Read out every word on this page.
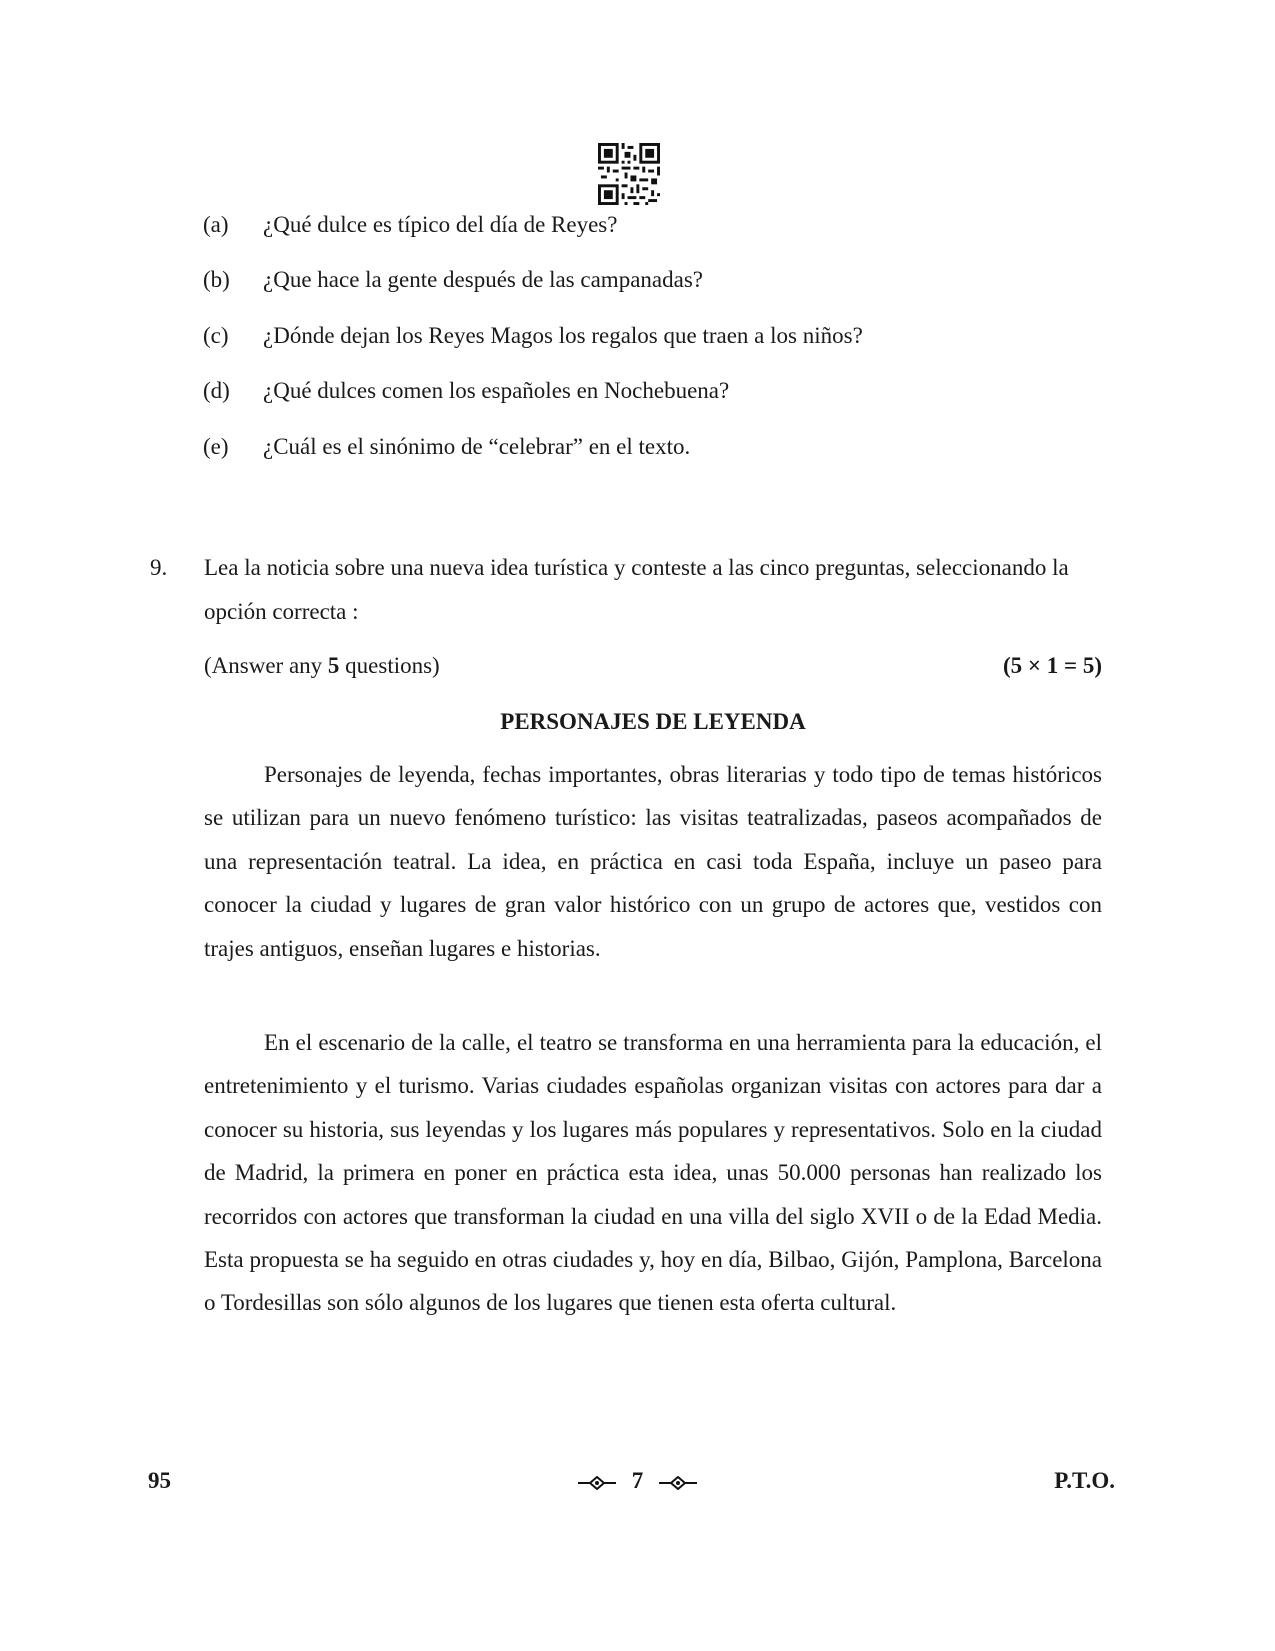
(a) ¿Qué dulce es típico del día de Reyes?
(b) ¿Que hace la gente después de las campanadas?
(c) ¿Dónde dejan los Reyes Magos los regalos que traen a los niños?
(d) ¿Qué dulces comen los españoles en Nochebuena?
(e) ¿Cuál es el sinónimo de “celebrar” en el texto.
9. Lea la noticia sobre una nueva idea turística y conteste a las cinco preguntas, seleccionando la opción correcta :
(Answer any 5 questions)	(5 × 1 = 5)
PERSONAJES DE LEYENDA

Personajes de leyenda, fechas importantes, obras literarias y todo tipo de temas históricos se utilizan para un nuevo fenómeno turístico: las visitas teatralizadas, paseos acompañados de una representación teatral. La idea, en práctica en casi toda España, incluye un paseo para conocer la ciudad y lugares de gran valor histórico con un grupo de actores que, vestidos con trajes antiguos, enseñan lugares e historias.

En el escenario de la calle, el teatro se transforma en una herramienta para la educación, el entretenimiento y el turismo. Varias ciudades españolas organizan visitas con actores para dar a conocer su historia, sus leyendas y los lugares más populares y representativos. Solo en la ciudad de Madrid, la primera en poner en práctica esta idea, unas 50.000 personas han realizado los recorridos con actores que transforman la ciudad en una villa del siglo XVII o de la Edad Media. Esta propuesta se ha seguido en otras ciudades y, hoy en día, Bilbao, Gijón, Pamplona, Barcelona o Tordesillas son sólo algunos de los lugares que tienen esta oferta cultural.

95	7	P.T.O.
